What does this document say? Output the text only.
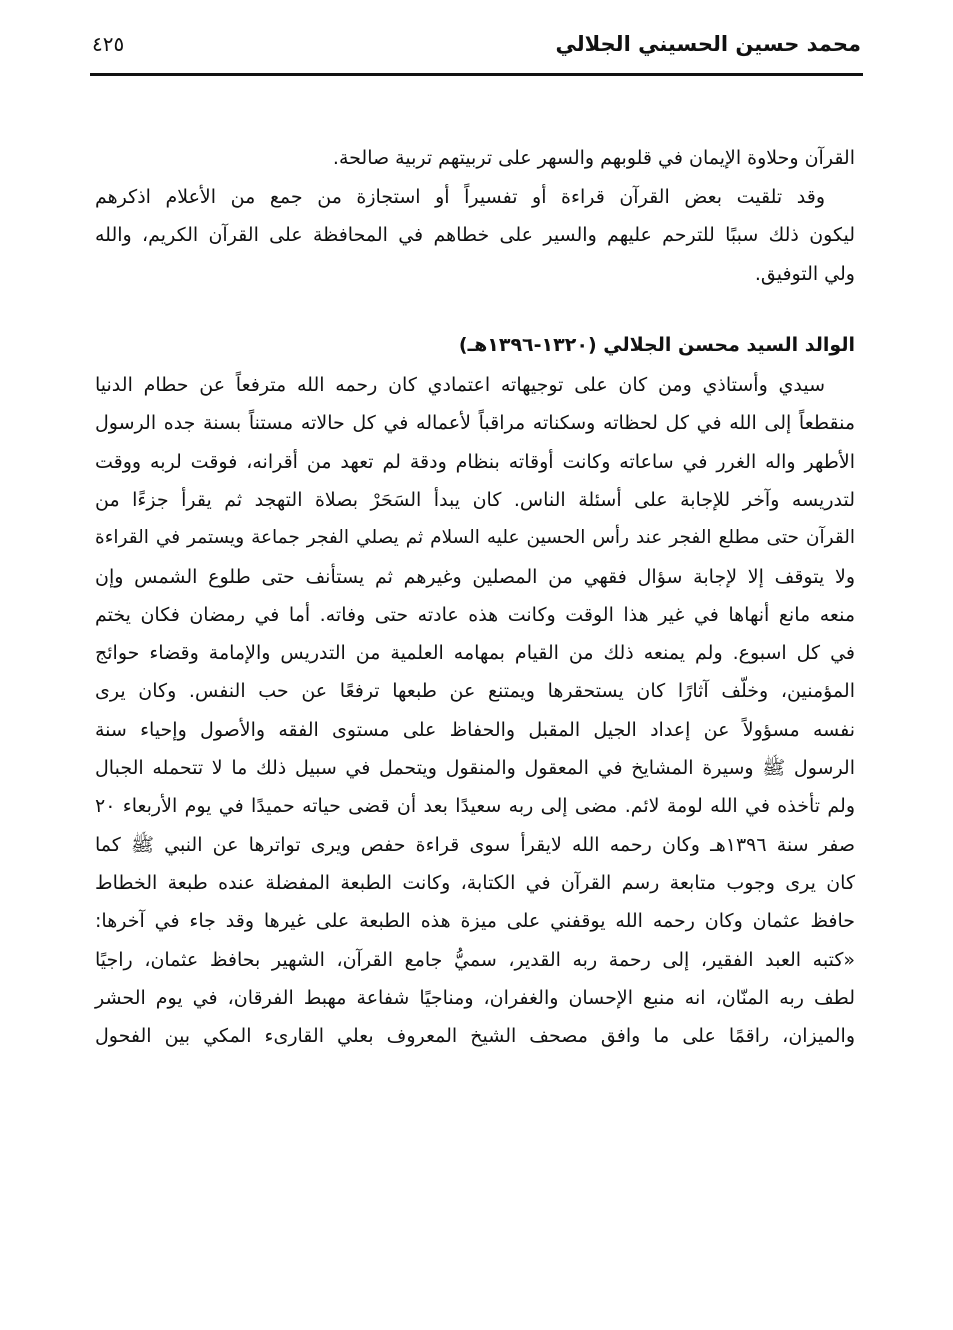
محمد حسين الحسيني الجلالي
٤٢٥
القرآن وحلاوة الإيمان في قلوبهم والسهر على تربيتهم تربية صالحة.
وقد تلقيت بعض القرآن قراءة أو تفسيراً أو استجازة من جمع من الأعلام اذكرهم
ليكون ذلك سببًا للترحم عليهم والسير على خطاهم في المحافظة على القرآن الكريم، والله
ولي التوفيق.
الوالد السيد محسن الجلالي (١٣٢٠-١٣٩٦هـ)
سيدي وأستاذي ومن كان على توجيهاته اعتمادي كان رحمه الله مترفعاً عن حطام الدنيا
منقطعاً إلى الله في كل لحظاته وسكناته مراقباً لأعماله في كل حالاته مستناً بسنة جده الرسول
الأطهر واله الغرر في ساعاته وكانت أوقاته بنظام ودقة لم تعهد من أقرانه، فوقت لربه ووقت
لتدريسه وآخر للإجابة على أسئلة الناس. كان يبدأ السَحَرْ بصلاة التهجد ثم يقرأ جزءًا من
القرآن حتى مطلع الفجر عند رأس الحسين عليه السلام ثم يصلي الفجر جماعة ويستمر في القراءة
ولا يتوقف إلا لإجابة سؤال فقهي من المصلين وغيرهم ثم يستأنف حتى طلوع الشمس وإن
منعه مانع أنهاها في غير هذا الوقت وكانت هذه عادته حتى وفاته. أما في رمضان فكان يختم
في كل اسبوع. ولم يمنعه ذلك من القيام بمهامه العلمية من التدريس والإمامة وقضاء حوائج
المؤمنين، وخلّف آثارًا كان يستحقرها ويمتنع عن طبعها ترفعًا عن حب النفس. وكان يرى
نفسه مسؤولاً عن إعداد الجيل المقبل والحفاظ على مستوى الفقه والأصول وإحياء سنة
الرسول ﷺ وسيرة المشايخ في المعقول والمنقول ويتحمل في سبيل ذلك ما لا تتحمله الجبال
ولم تأخذه في الله لومة لائم. مضى إلى ربه سعيدًا بعد أن قضى حياته حميدًا في يوم الأربعاء ٢٠
صفر سنة ١٣٩٦هـ وكان رحمه الله لايقرأ سوى قراءة حفص ويرى تواترها عن النبي ﷺ كما
كان يرى وجوب متابعة رسم القرآن في الكتابة، وكانت الطبعة المفضلة عنده طبعة الخطاط
حافظ عثمان وكان رحمه الله يوقفني على ميزة هذه الطبعة على غيرها وقد جاء في آخرها:
«كتبه العبد الفقير، إلى رحمة ربه القدير، سميُّ جامع القرآن، الشهير بحافظ عثمان، راجيًا
لطف ربه المنّان، انه منبع الإحسان والغفران، ومناجيًا شفاعة مهبط الفرقان، في يوم الحشر
والميزان، راقمًا على ما وافق مصحف الشيخ المعروف بعلي القارىء المكي بين الفحول
